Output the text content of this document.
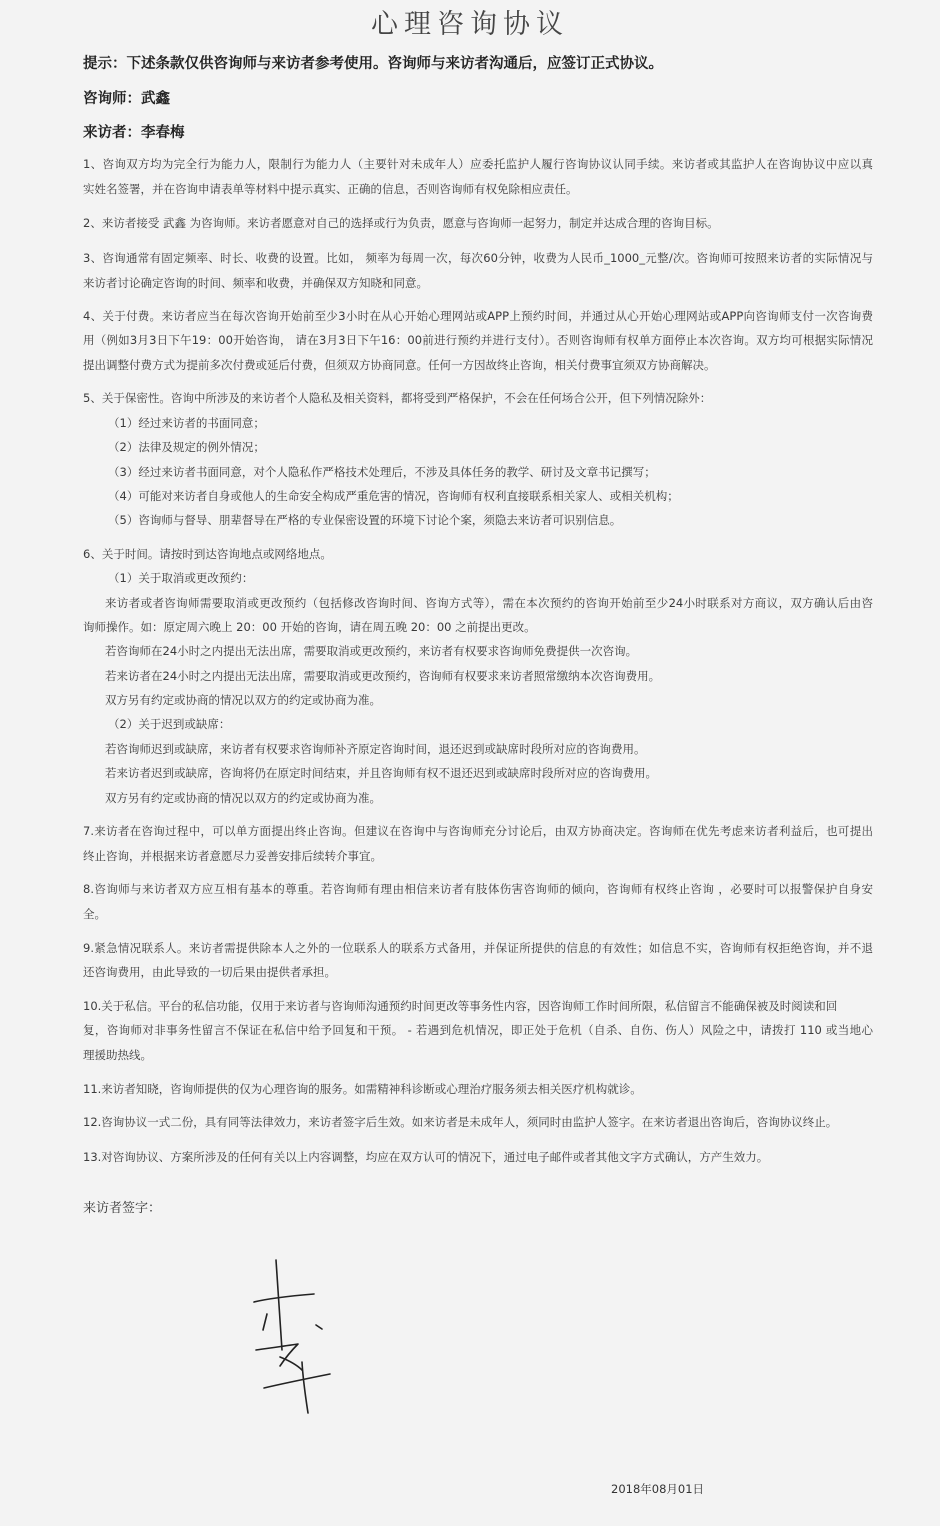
心理咨询协议
提示：下述条款仅供咨询师与来访者参考使用。咨询师与来访者沟通后，应签订正式协议。
咨询师：武鑫
来访者：李春梅
1、咨询双方均为完全行为能力人，限制行为能力人（主要针对未成年人）应委托监护人履行咨询协议认同手续。来访者或其监护人在咨询协议中应以真
实姓名签署，并在咨询申请表单等材料中提示真实、正确的信息，否则咨询师有权免除相应责任。
2、来访者接受 武鑫 为咨询师。来访者愿意对自己的选择或行为负责，愿意与咨询师一起努力，制定并达成合理的咨询目标。
3、咨询通常有固定频率、时长、收费的设置。比如， 频率为每周一次，每次60分钟，收费为人民币_1000_元整/次。咨询师可按照来访者的实际情况与
来访者讨论确定咨询的时间、频率和收费，并确保双方知晓和同意。
4、关于付费。来访者应当在每次咨询开始前至少3小时在从心开始心理网站或APP上预约时间，并通过从心开始心理网站或APP向咨询师支付一次咨询费
用（例如3月3日下午19：00开始咨询， 请在3月3日下午16：00前进行预约并进行支付）。否则咨询师有权单方面停止本次咨询。双方均可根据实际情况
提出调整付费方式为提前多次付费或延后付费，但须双方协商同意。任何一方因故终止咨询，相关付费事宜须双方协商解决。
5、关于保密性。咨询中所涉及的来访者个人隐私及相关资料，都将受到严格保护，不会在任何场合公开，但下列情况除外：
（1）经过来访者的书面同意；
（2）法律及规定的例外情况；
（3）经过来访者书面同意，对个人隐私作严格技术处理后，不涉及具体任务的教学、研讨及文章书记撰写；
（4）可能对来访者自身或他人的生命安全构成严重危害的情况，咨询师有权利直接联系相关家人、或相关机构；
（5）咨询师与督导、朋辈督导在严格的专业保密设置的环境下讨论个案，须隐去来访者可识别信息。
6、关于时间。请按时到达咨询地点或网络地点。
（1）关于取消或更改预约：
来访者或者咨询师需要取消或更改预约（包括修改咨询时间、咨询方式等），需在本次预约的咨询开始前至少24小时联系对方商议，双方确认后由咨
询师操作。如：原定周六晚上 20：00 开始的咨询，请在周五晚 20：00 之前提出更改。
若咨询师在24小时之内提出无法出席，需要取消或更改预约，来访者有权要求咨询师免费提供一次咨询。
若来访者在24小时之内提出无法出席，需要取消或更改预约，咨询师有权要求来访者照常缴纳本次咨询费用。
双方另有约定或协商的情况以双方的约定或协商为准。
（2）关于迟到或缺席：
若咨询师迟到或缺席，来访者有权要求咨询师补齐原定咨询时间，退还迟到或缺席时段所对应的咨询费用。
若来访者迟到或缺席，咨询将仍在原定时间结束，并且咨询师有权不退还迟到或缺席时段所对应的咨询费用。
双方另有约定或协商的情况以双方的约定或协商为准。
7.来访者在咨询过程中，可以单方面提出终止咨询。但建议在咨询中与咨询师充分讨论后，由双方协商决定。咨询师在优先考虑来访者利益后，也可提出
终止咨询，并根据来访者意愿尽力妥善安排后续转介事宜。
8.咨询师与来访者双方应互相有基本的尊重。若咨询师有理由相信来访者有肢体伤害咨询师的倾向，咨询师有权终止咨询 ，必要时可以报警保护自身安
全。
9.紧急情况联系人。来访者需提供除本人之外的一位联系人的联系方式备用，并保证所提供的信息的有效性；如信息不实，咨询师有权拒绝咨询，并不退
还咨询费用，由此导致的一切后果由提供者承担。
10.关于私信。平台的私信功能，仅用于来访者与咨询师沟通预约时间更改等事务性内容，因咨询师工作时间所限，私信留言不能确保被及时阅读和回
复，咨询师对非事务性留言不保证在私信中给予回复和干预。 - 若遇到危机情况，即正处于危机（自杀、自伤、伤人）风险之中，请拨打 110 或当地心
理援助热线。
11.来访者知晓，咨询师提供的仅为心理咨询的服务。如需精神科诊断或心理治疗服务须去相关医疗机构就诊。
12.咨询协议一式二份，具有同等法律效力，来访者签字后生效。如来访者是未成年人，须同时由监护人签字。在来访者退出咨询后，咨询协议终止。
13.对咨询协议、方案所涉及的任何有关以上内容调整，均应在双方认可的情况下，通过电子邮件或者其他文字方式确认，方产生效力。
来访者签字：
2018年08月01日
